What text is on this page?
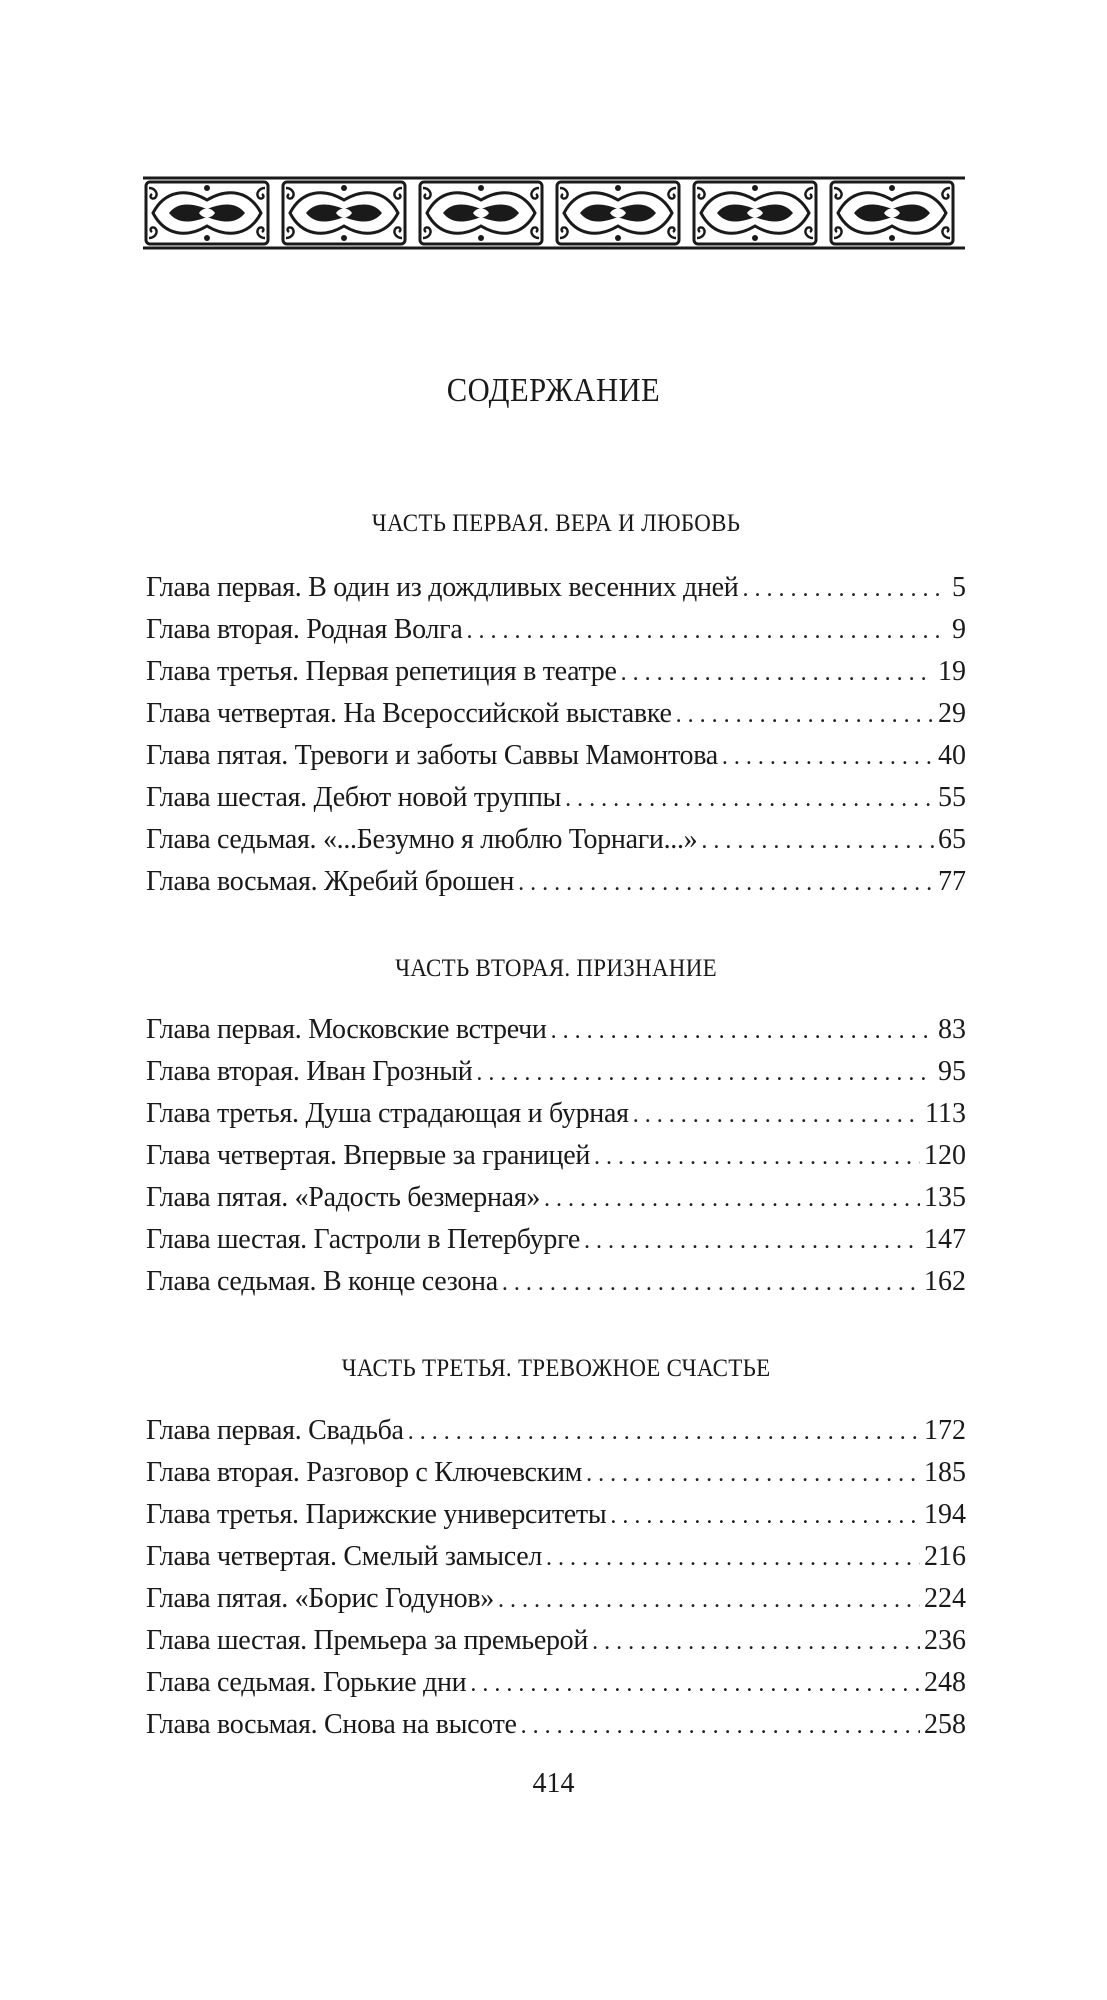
СОДЕРЖАНИЕ
ЧАСТЬ ПЕРВАЯ. ВЕРА И ЛЮБОВЬ
Глава первая. В один из дождливых весенних дней . . .	5
Глава вторая. Родная Волга . . .	9
Глава третья. Первая репетиция в театре . . .	19
Глава четвертая. На Всероссийской выставке . . .	29
Глава пятая. Тревоги и заботы Саввы Мамонтова . . .	40
Глава шестая. Дебют новой труппы . . .	55
Глава седьмая. «...Безумно я люблю Торнаги...» . . .	65
Глава восьмая. Жребий брошен . . .	77
ЧАСТЬ ВТОРАЯ. ПРИЗНАНИЕ
Глава первая. Московские встречи . . .	83
Глава вторая. Иван Грозный . . .	95
Глава третья. Душа страдающая и бурная . . .	113
Глава четвертая. Впервые за границей . . .	120
Глава пятая. «Радость безмерная» . . .	135
Глава шестая. Гастроли в Петербурге . . .	147
Глава седьмая. В конце сезона . . .	162
ЧАСТЬ ТРЕТЬЯ. ТРЕВОЖНОЕ СЧАСТЬЕ
Глава первая. Свадьба . . .	172
Глава вторая. Разговор с Ключевским . . .	185
Глава третья. Парижские университеты . . .	194
Глава четвертая. Смелый замысел . . .	216
Глава пятая. «Борис Годунов» . . .	224
Глава шестая. Премьера за премьерой . . .	236
Глава седьмая. Горькие дни . . .	248
Глава восьмая. Снова на высоте . . .	258
414
